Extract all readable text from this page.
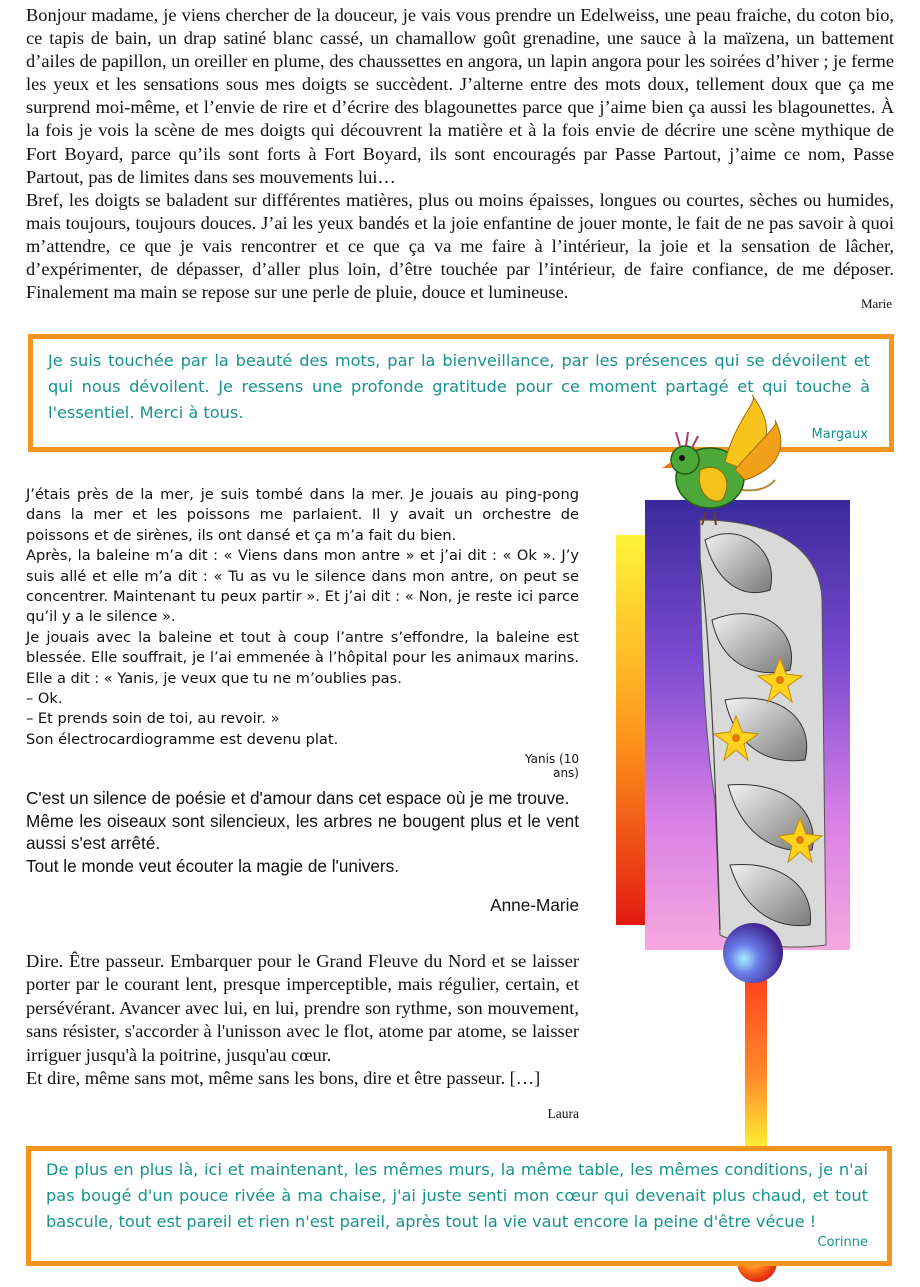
Bonjour madame, je viens chercher de la douceur, je vais vous prendre un Edelweiss, une peau fraiche, du coton bio, ce tapis de bain, un drap satiné blanc cassé, un chamallow goût grenadine, une sauce à la maïzena, un battement d’ailes de papillon, un oreiller en plume, des chaussettes en angora, un lapin angora pour les soirées d’hiver ; je ferme les yeux et les sensations sous mes doigts se succèdent. J’alterne entre des mots doux, tellement doux que ça me surprend moi-même, et l’envie de rire et d’écrire des blagounettes parce que j’aime bien ça aussi les blagounettes. À la fois je vois la scène de mes doigts qui découvrent la matière et à la fois envie de décrire une scène mythique de Fort Boyard, parce qu’ils sont forts à Fort Boyard, ils sont encouragés par Passe Partout, j’aime ce nom, Passe Partout, pas de limites dans ses mouvements lui…

Bref, les doigts se baladent sur différentes matières, plus ou moins épaisses, longues ou courtes, sèches ou humides, mais toujours, toujours douces. J’ai les yeux bandés et la joie enfantine de jouer monte, le fait de ne pas savoir à quoi m’attendre, ce que je vais rencontrer et ce que ça va me faire à l’intérieur, la joie et la sensation de lâcher, d’expérimenter, de dépasser, d’aller plus loin, d’être touchée par l’intérieur, de faire confiance, de me déposer. Finalement ma main se repose sur une perle de pluie, douce et lumineuse.

Marie

Je suis touchée par la beauté des mots, par la bienveillance, par les présences qui se dévoilent et qui nous dévoilent. Je ressens une profonde gratitude pour ce moment partagé et qui touche à l'essentiel. Merci à tous.

Margaux

J’étais près de la mer, je suis tombé dans la mer. Je jouais au ping-pong dans la mer et les poissons me parlaient. Il y avait un orchestre de poissons et de sirènes, ils ont dansé et ça m’a fait du bien.

Après, la baleine m’a dit : « Viens dans mon antre » et j’ai dit : « Ok ». J’y suis allé et elle m’a dit : « Tu as vu le silence dans mon antre, on peut se concentrer. Maintenant tu peux partir ». Et j’ai dit : « Non, je reste ici parce qu’il y a le silence ».

Je jouais avec la baleine et tout à coup l’antre s’effondre, la baleine est blessée. Elle souffrait, je l’ai emmenée à l’hôpital pour les animaux marins. Elle a dit : « Yanis, je veux que tu ne m’oublies pas.

– Ok.

– Et prends soin de toi, au revoir. »

Son électrocardiogramme est devenu plat.

Yanis (10 ans)

C'est un silence de poésie et d'amour dans cet espace où je me trouve.

Même les oiseaux sont silencieux, les arbres ne bougent plus et le vent aussi s'est arrêté.

Tout le monde veut écouter la magie de l'univers.

Anne-Marie

Dire. Être passeur. Embarquer pour le Grand Fleuve du Nord et se laisser porter par le courant lent, presque imperceptible, mais régulier, certain, et persévérant. Avancer avec lui, en lui, prendre son rythme, son mouvement, sans résister, s'accorder à l'unisson avec le flot, atome par atome, se laisser irriguer jusqu'à la poitrine, jusqu'au cœur.

Et dire, même sans mot, même sans les bons, dire et être passeur. […]

Laura

De plus en plus là, ici et maintenant, les mêmes murs, la même table, les mêmes conditions, je n'ai pas bougé d'un pouce rivée à ma chaise, j'ai juste senti mon cœur qui devenait plus chaud, et tout bascule, tout est pareil et rien n'est pareil, après tout la vie vaut encore la peine d'être vécue !

Corinne
